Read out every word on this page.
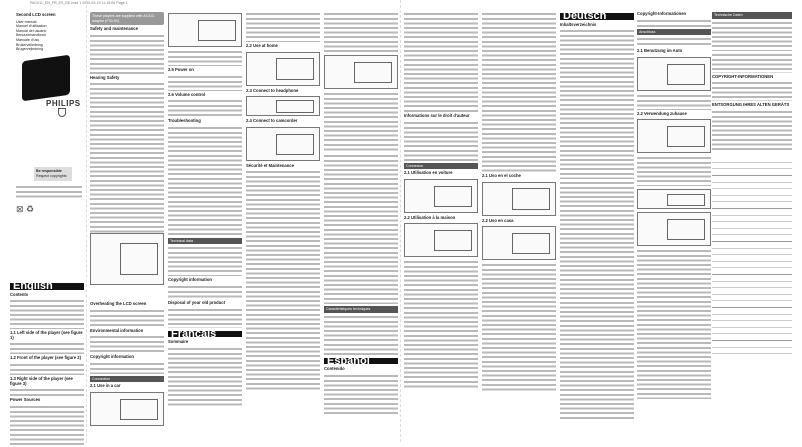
PAC011_EN_FR_ES_DE.indd 1 2010-03-19 11:15:06 Page 1
Second LCD screen
User manual
Manuel d'utilisation
Manual del usuario
Benutzerhandbuch
Manuale d'uso
Brukerveiledning
Brugervejledning
PHILIPS
Be responsible
Respect copyrights
⊠ ♻
These players are supplied with AC/DC adaptor (F30-5V)
Safety and maintenance
Hearing Safety
English
Contents
1.1 Left side of the player (see figure 1)
1.2 Front of the player (see figure 2)
1.3 Right side of the player (see figure 3)
Power Sources
Overheating the LCD screen
Environmental information
Copyright information
Connection
2.1 Use in a car
2.5 Power on
2.6 Volume control
Troubleshooting
Technical data
Copyright information
Disposal of your old product
Français
Sommaire
2.2 Use at home
2.3 Connect to headphone
2.4 Connect to camcorder
Sécurité et Maintenance
Caractéristiques techniques
Español
Contenido
Informations sur le droit d'auteur
Connexion
2.1 Utilisation en voiture
2.2 Utilisation à la maison
2.1 Uso en el coche
2.2 Uso en casa
Deutsch
Inhaltsverzeichnis
Copyright-Informationen
Anschluss
2.1 Benutzung im Auto
2.2 Verwendung zuhause
Technische Daten
COPYRIGHT-INFORMATIONEN
ENTSORGUNG IHRES ALTEN GERÄTS
